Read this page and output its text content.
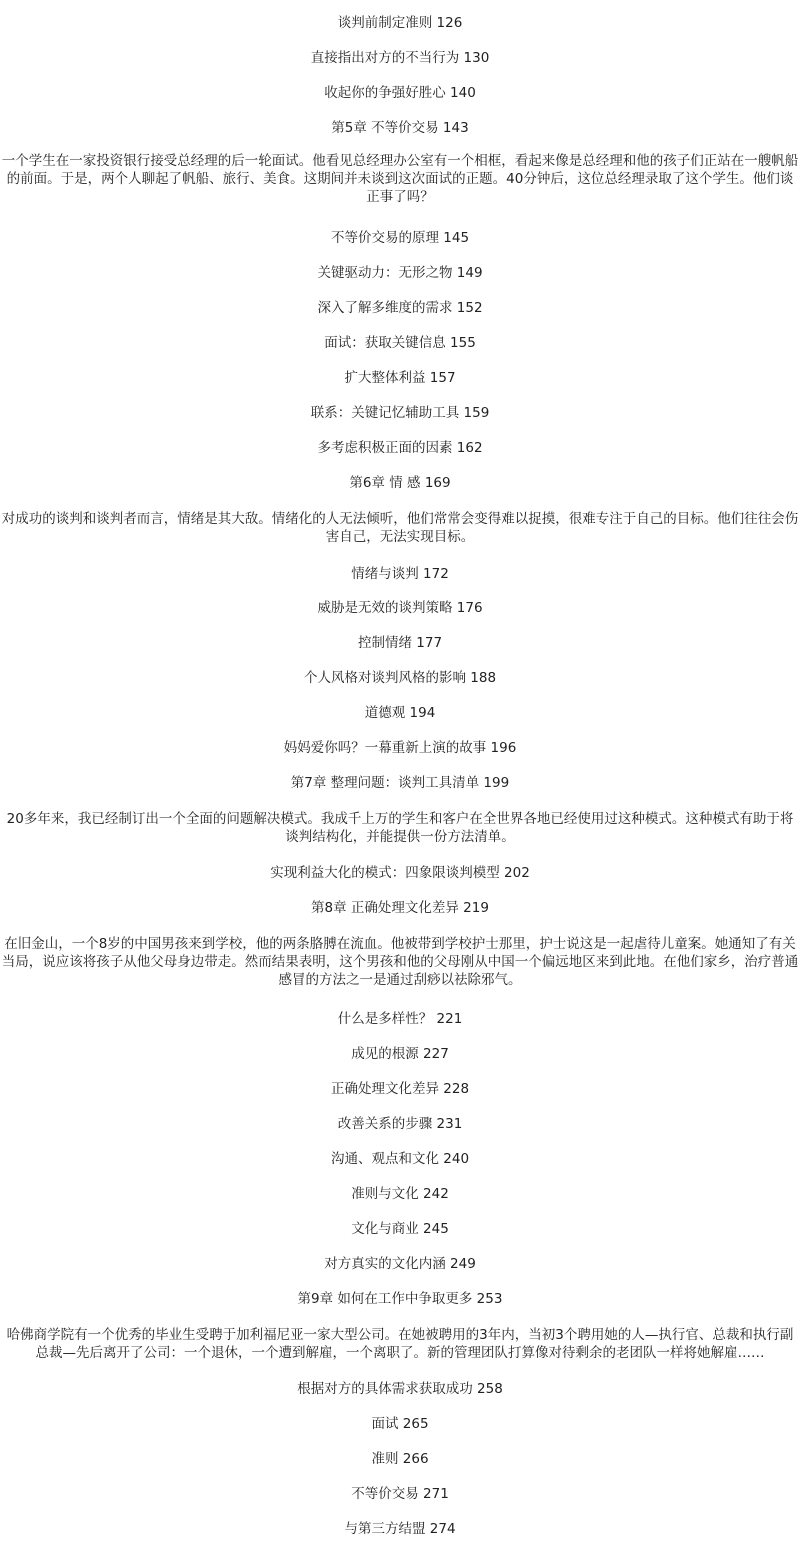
谈判前制定准则 126
直接指出对方的不当行为 130
收起你的争强好胜心 140
第5章 不等价交易 143
一个学生在一家投资银行接受总经理的后一轮面试。他看见总经理办公室有一个相框，看起来像是总经理和他的孩子们正站在一艘帆船的前面。于是，两个人聊起了帆船、旅行、美食。这期间并未谈到这次面试的正题。40分钟后，这位总经理录取了这个学生。他们谈正事了吗？
不等价交易的原理 145
关键驱动力：无形之物 149
深入了解多维度的需求 152
面试：获取关键信息 155
扩大整体利益 157
联系：关键记忆辅助工具 159
多考虑积极正面的因素 162
第6章 情 感 169
对成功的谈判和谈判者而言，情绪是其大敌。情绪化的人无法倾听，他们常常会变得难以捉摸，很难专注于自己的目标。他们往往会伤害自己，无法实现目标。
情绪与谈判 172
威胁是无效的谈判策略 176
控制情绪 177
个人风格对谈判风格的影响 188
道德观 194
妈妈爱你吗？一幕重新上演的故事 196
第7章 整理问题：谈判工具清单 199
20多年来，我已经制订出一个全面的问题解决模式。我成千上万的学生和客户在全世界各地已经使用过这种模式。这种模式有助于将谈判结构化，并能提供一份方法清单。
实现利益大化的模式：四象限谈判模型 202
第8章 正确处理文化差异 219
在旧金山，一个8岁的中国男孩来到学校，他的两条胳膊在流血。他被带到学校护士那里，护士说这是一起虐待儿童案。她通知了有关当局，说应该将孩子从他父母身边带走。然而结果表明，这个男孩和他的父母刚从中国一个偏远地区来到此地。在他们家乡，治疗普通感冒的方法之一是通过刮痧以祛除邪气。
什么是多样性？ 221
成见的根源 227
正确处理文化差异 228
改善关系的步骤 231
沟通、观点和文化 240
准则与文化 242
文化与商业 245
对方真实的文化内涵 249
第9章 如何在工作中争取更多 253
哈佛商学院有一个优秀的毕业生受聘于加利福尼亚一家大型公司。在她被聘用的3年内，当初3个聘用她的人—执行官、总裁和执行副总裁—先后离开了公司：一个退休，一个遭到解雇，一个离职了。新的管理团队打算像对待剩余的老团队一样将她解雇……
根据对方的具体需求获取成功 258
面试 265
准则 266
不等价交易 271
与第三方结盟 274
